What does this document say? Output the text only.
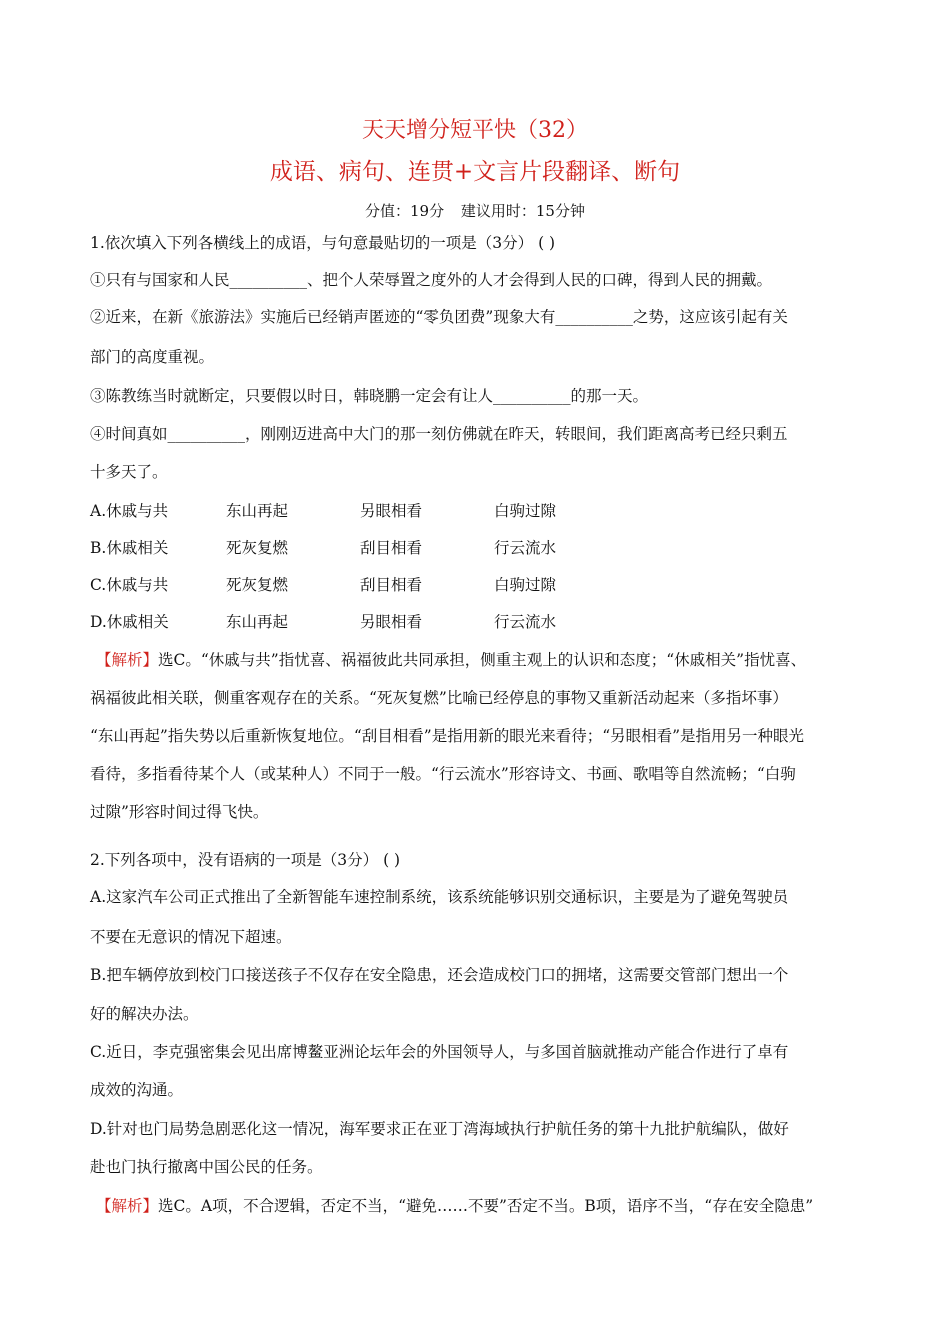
天天增分短平快（32）
成语、病句、连贯+文言片段翻译、断句
分值：19分 建议用时：15分钟
1.依次填入下列各横线上的成语，与句意最贴切的一项是（3分） ( )
①只有与国家和人民__________、把个人荣辱置之度外的人才会得到人民的口碑，得到人民的拥戴。
②近来，在新《旅游法》实施后已经销声匿迹的“零负团费”现象大有__________之势，这应该引起有关
部门的高度重视。
③陈教练当时就断定，只要假以时日，韩晓鹏一定会有让人__________的那一天。
④时间真如__________，刚刚迈进高中大门的那一刻仿佛就在昨天，转眼间，我们距离高考已经只剩五
十多天了。
A.休戚与共	东山再起	另眼相看	白驹过隙
B.休戚相关	死灰复燃	刮目相看	行云流水
C.休戚与共	死灰复燃	刮目相看	白驹过隙
D.休戚相关	东山再起	另眼相看	行云流水
【解析】选C。“休戚与共”指忧喜、祸福彼此共同承担，侧重主观上的认识和态度；“休戚相关”指忧喜、
祸福彼此相关联，侧重客观存在的关系。“死灰复燃”比喻已经停息的事物又重新活动起来（多指坏事）
“东山再起”指失势以后重新恢复地位。“刮目相看”是指用新的眼光来看待；“另眼相看”是指用另一种眼光
看待，多指看待某个人（或某种人）不同于一般。“行云流水”形容诗文、书画、歌唱等自然流畅；“白驹
过隙”形容时间过得飞快。
2.下列各项中，没有语病的一项是（3分） ( )
A.这家汽车公司正式推出了全新智能车速控制系统，该系统能够识别交通标识，主要是为了避免驾驶员
不要在无意识的情况下超速。
B.把车辆停放到校门口接送孩子不仅存在安全隐患，还会造成校门口的拥堵，这需要交管部门想出一个
好的解决办法。
C.近日，李克强密集会见出席博鳌亚洲论坛年会的外国领导人，与多国首脑就推动产能合作进行了卓有
成效的沟通。
D.针对也门局势急剧恶化这一情况，海军要求正在亚丁湾海域执行护航任务的第十九批护航编队，做好
赴也门执行撤离中国公民的任务。
【解析】选C。A项，不合逻辑，否定不当，“避免……不要”否定不当。B项，语序不当，“存在安全隐患”
